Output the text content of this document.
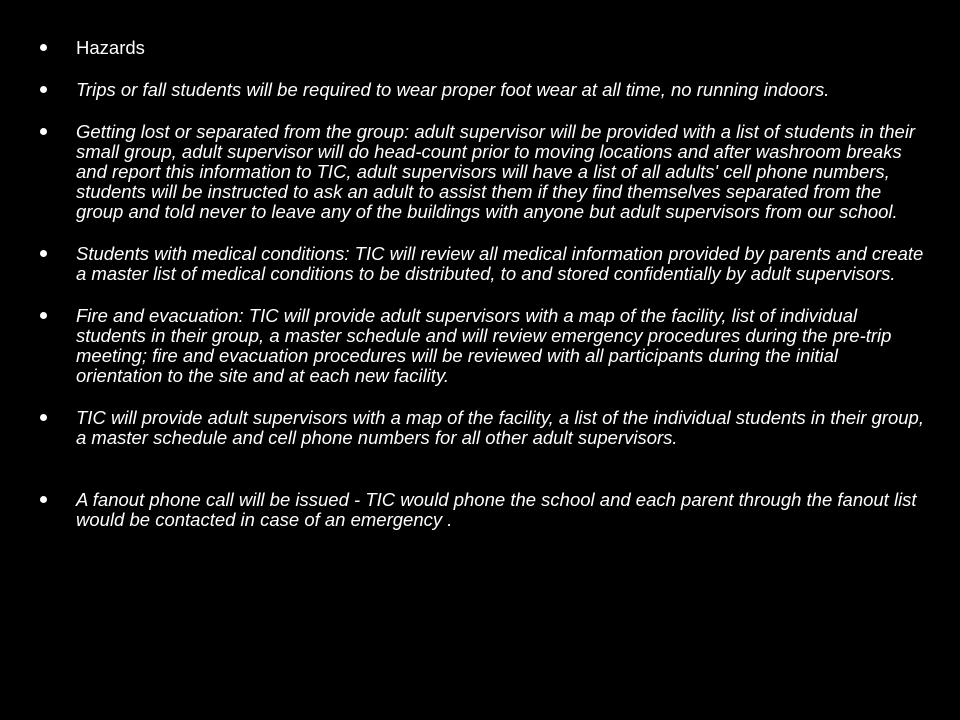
Hazards
Trips or fall students will be required to wear proper foot wear at all time, no running indoors.
Getting lost or separated from the group: adult supervisor will be provided with a list of students in their small group, adult supervisor will do head-count prior to moving locations and after washroom breaks and report this information to TIC, adult supervisors will have a list of all adults' cell phone numbers, students will be instructed to ask an adult to assist them if they find themselves separated from the group and told never to leave any of the buildings with anyone but adult supervisors from our school.
Students with medical conditions: TIC will review all medical information provided by parents and create a master list of medical conditions to be distributed, to and stored confidentially by adult supervisors.
Fire and evacuation: TIC will provide adult supervisors with a map of the facility, list of individual students in their group, a master schedule and will review emergency procedures during the pre-trip meeting; fire and evacuation procedures will be reviewed with all participants during the initial orientation to the site and at each new facility.
TIC will provide adult supervisors with a map of the facility, a list of the individual students in their group, a master schedule and cell phone numbers for all other adult supervisors.
A fanout phone call will be issued - TIC would phone the school and each parent through the fanout list would be contacted in case of an emergency .
